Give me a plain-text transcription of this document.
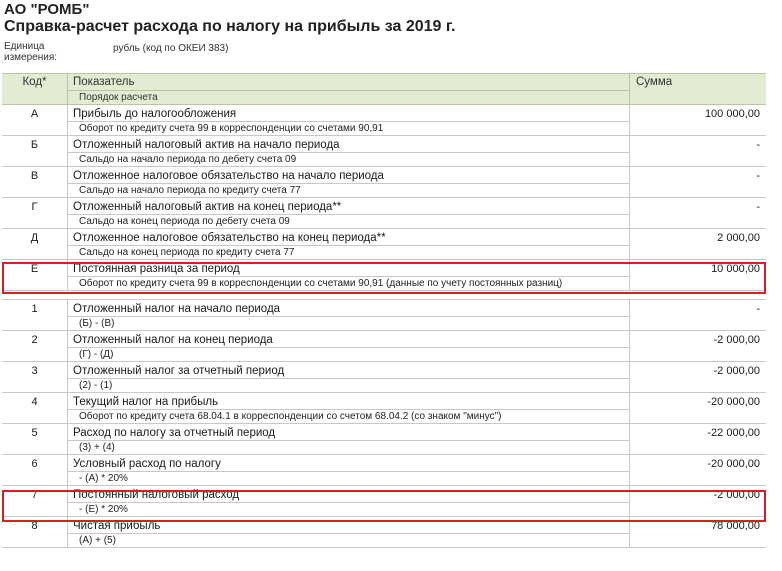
АО "РОМБ"
Справка-расчет расхода по налогу на прибыль за 2019 г.
Единица измерения:
рубль (код по ОКЕИ 383)
Код*	Показатель
Порядок расчета
Сумма
А	Прибыль до налогообложения
Оборот по кредиту счета 99 в корреспонденции со счетами 90,91
100 000,00
Б	Отложенный налоговый актив на начало периода
Сальдо на начало периода по дебету счета 09
-
В	Отложенное налоговое обязательство на начало периода
Сальдо на начало периода по кредиту счета 77
-
Г	Отложенный налоговый актив на конец периода**
Сальдо на конец периода по дебету счета 09
-
Д	Отложенное налоговое обязательство на конец периода**
Сальдо на конец периода по кредиту счета 77
2 000,00
Е	Постоянная разница за период
Оборот по кредиту счета 99 в корреспонденции со счетами 90,91 (данные по учету постоянных разниц)
10 000,00
1	Отложенный налог на начало периода
(Б) - (В)
-
2	Отложенный налог на конец периода
(Г) - (Д)
-2 000,00
3	Отложенный налог за отчетный период
(2) - (1)
-2 000,00
4	Текущий налог на прибыль
Оборот по кредиту счета 68.04.1 в корреспонденции со счетом 68.04.2 (со знаком "минус")
-20 000,00
5	Расход по налогу за отчетный период
(3) + (4)
-22 000,00
6	Условный расход по налогу
- (А) * 20%
-20 000,00
7	Постоянный налоговый расход
- (Е) * 20%
-2 000,00
8	Чистая прибыль
(А) + (5)
78 000,00
